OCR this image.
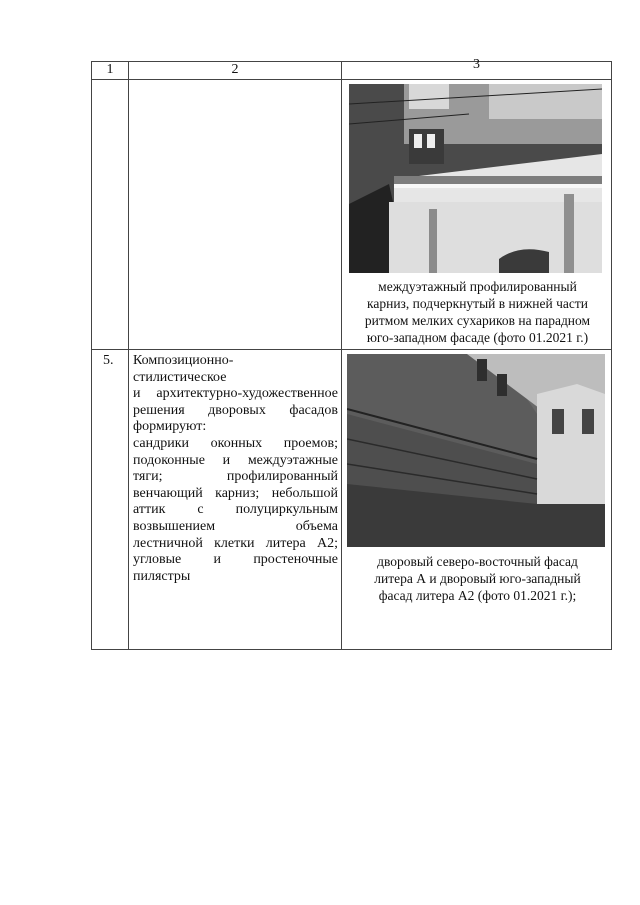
1	2	3
междуэтажный профилированный
карниз, подчеркнутый в нижней части
ритмом мелких сухариков на парадном
юго-западном фасаде (фото 01.2021 г.)
5. Композиционно-
стилистическое
и архитектурно-художественное
решения дворовых фасадов
формируют:
сандрики оконных проемов;
подоконные и междуэтажные
тяги; профилированный
венчающий карниз; небольшой
аттик с полуциркульным
возвышением объема
лестничной клетки литера А2;
угловые и простеночные
пилястры
дворовый северо-восточный фасад
литера А и дворовый юго-западный
фасад литера А2 (фото 01.2021 г.);
